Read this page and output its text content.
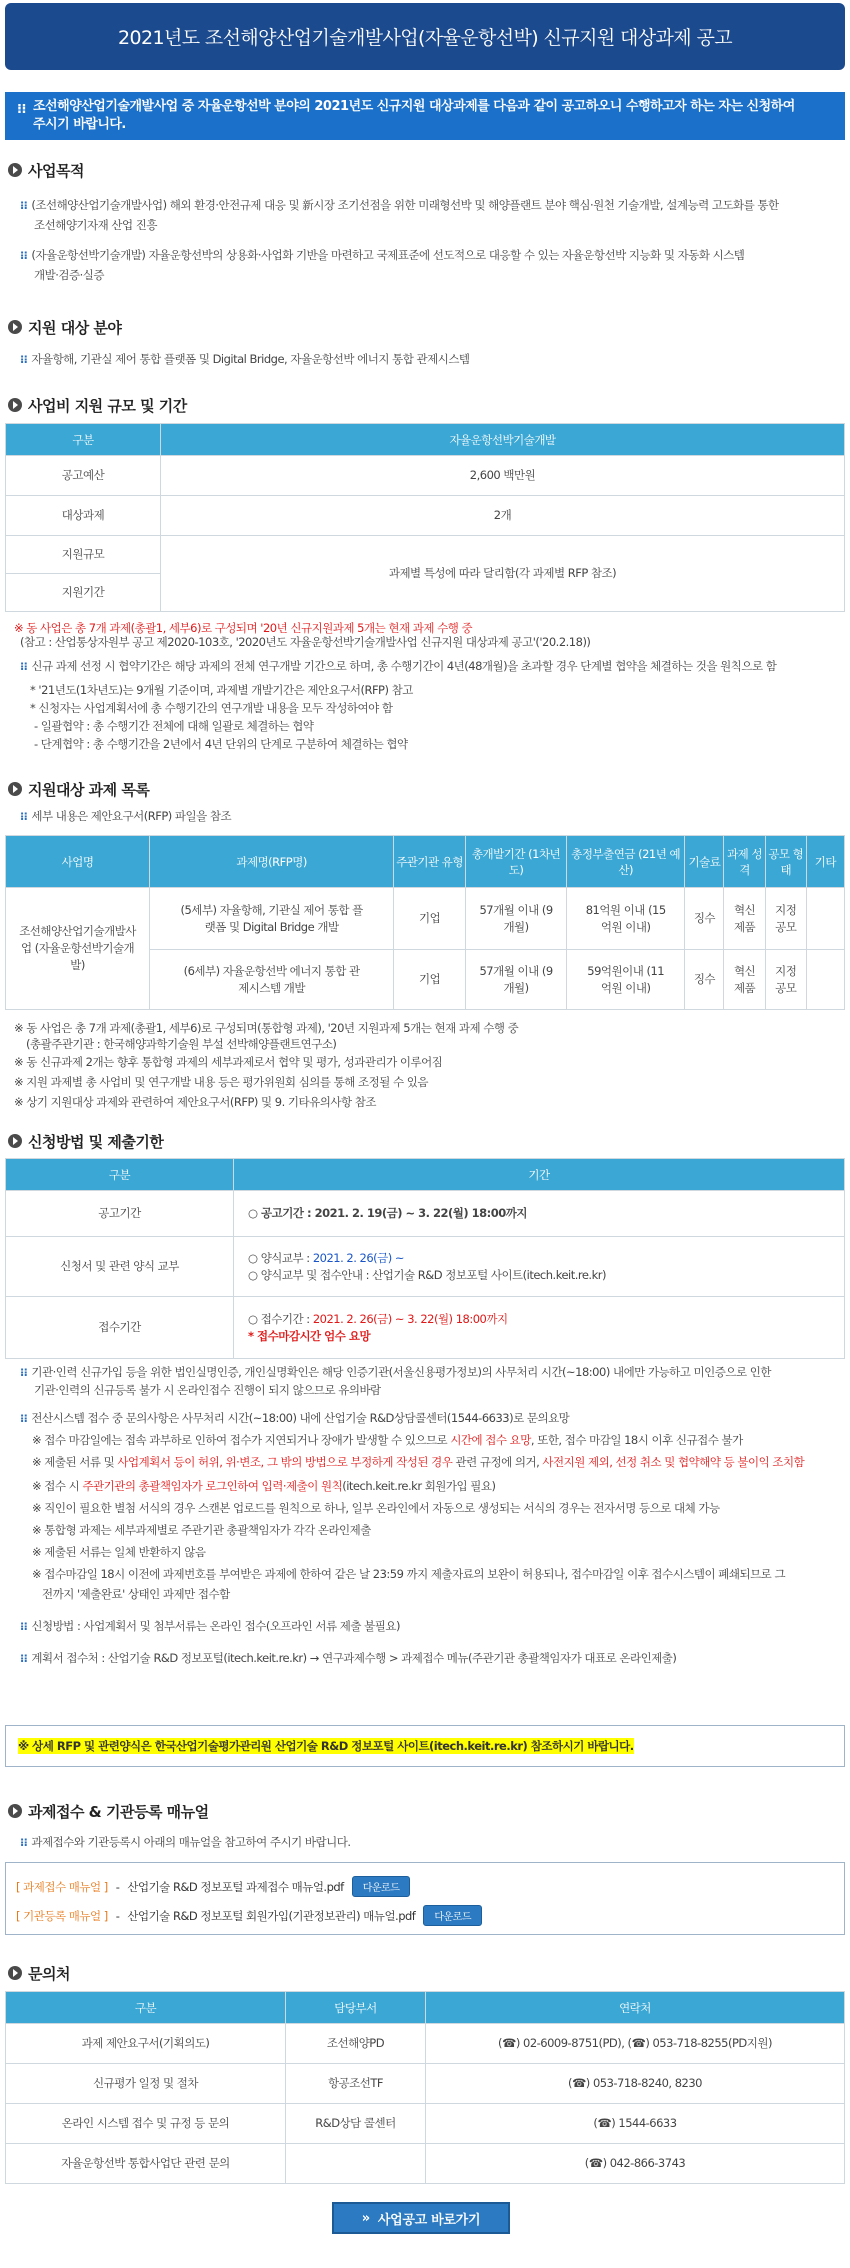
2021년도 조선해양산업기술개발사업(자율운항선박) 신규지원 대상과제 공고
⁝⁝ 조선해양산업기술개발사업 중 자율운항선박 분야의 2021년도 신규지원 대상과제를 다음과 같이 공고하오니 수행하고자 하는 자는 신청하여
주시기 바랍니다.
사업목적
⁝⁝ (조선해양산업기술개발사업) 해외 환경·안전규제 대응 및 新시장 조기선점을 위한 미래형선박 및 해양플랜트 분야 핵심·원천 기술개발, 설계능력 고도화를 통한
조선해양기자재 산업 진흥
⁝⁝ (자율운항선박기술개발) 자율운항선박의 상용화·사업화 기반을 마련하고 국제표준에 선도적으로 대응할 수 있는 자율운항선박 지능화 및 자동화 시스템
개발·검증·실증
지원 대상 분야
⁝⁝ 자율항해, 기관실 제어 통합 플랫폼 및 Digital Bridge, 자율운항선박 에너지 통합 관제시스템
사업비 지원 규모 및 기간
구분	자율운항선박기술개발
공고예산	2,600 백만원
대상과제	2개
지원규모	과제별 특성에 따라 달리함(각 과제별 RFP 참조)
지원기간	
※ 동 사업은 총 7개 과제(총괄1, 세부6)로 구성되며 '20년 신규지원과제 5개는 현재 과제 수행 중
(참고 : 산업통상자원부 공고 제2020-103호, '2020년도 자율운항선박기술개발사업 신규지원 대상과제 공고'('20.2.18))
⁝⁝ 신규 과제 선정 시 협약기간은 해당 과제의 전체 연구개발 기간으로 하며, 총 수행기간이 4년(48개월)을 초과할 경우 단계별 협약을 체결하는 것을 원칙으로 함
* '21년도(1차년도)는 9개월 기준이며, 과제별 개발기간은 제안요구서(RFP) 참고
* 신청자는 사업계획서에 총 수행기간의 연구개발 내용을 모두 작성하여야 함
- 일괄협약 : 총 수행기간 전체에 대해 일괄로 체결하는 협약
- 단계협약 : 총 수행기간을 2년에서 4년 단위의 단계로 구분하여 체결하는 협약
지원대상 과제 목록
⁝⁝ 세부 내용은 제안요구서(RFP) 파일을 참조
사업명	과제명(RFP명)	주관기관 유형	총개발기간 (1차년도)	총정부출연금 (21년 예산)	기술료	과제 성격	공모 형태	기타
조선해양산업기술개발사업 (자율운항선박기술개발)	(5세부) 자율항해, 기관실 제어 통합 플랫폼 및 Digital Bridge 개발	기업	57개월 이내 (9개월)	81억원 이내 (15억원 이내)	징수	혁신 제품	지정 공모	
	(6세부) 자율운항선박 에너지 통합 관제시스템 개발	기업	57개월 이내 (9개월)	59억원이내 (11억원 이내)	징수	혁신 제품	지정 공모	
※ 동 사업은 총 7개 과제(총괄1, 세부6)로 구성되며(통합형 과제), '20년 지원과제 5개는 현재 과제 수행 중
(총괄주관기관 : 한국해양과학기술원 부설 선박해양플랜트연구소)
※ 동 신규과제 2개는 향후 통합형 과제의 세부과제로서 협약 및 평가, 성과관리가 이루어짐
※ 지원 과제별 총 사업비 및 연구개발 내용 등은 평가위원회 심의를 통해 조정될 수 있음
※ 상기 지원대상 과제와 관련하여 제안요구서(RFP) 및 9. 기타유의사항 참조
신청방법 및 제출기한
구분	기간
공고기간	○ 공고기간 : 2021. 2. 19(금) ~ 3. 22(월) 18:00까지
신청서 및 관련 양식 교부	○ 양식교부 : 2021. 2. 26(금) ~
○ 양식교부 및 접수안내 : 산업기술 R&D 정보포털 사이트(itech.keit.re.kr)

접수기간	○ 접수기간 : 2021. 2. 26(금) ~ 3. 22(월) 18:00까지
* 접수마감시간 엄수 요망
⁝⁝ 기관·인력 신규가입 등을 위한 법인실명인증, 개인실명확인은 해당 인증기관(서울신용평가정보)의 사무처리 시간(~18:00) 내에만 가능하고 미인증으로 인한
기관·인력의 신규등록 불가 시 온라인접수 진행이 되지 않으므로 유의바람
⁝⁝ 전산시스템 접수 중 문의사항은 사무처리 시간(~18:00) 내에 산업기술 R&D상담콜센터(1544-6633)로 문의요망
※ 접수 마감일에는 접속 과부하로 인하여 접수가 지연되거나 장애가 발생할 수 있으므로 시간에 접수 요망, 또한, 접수 마감일 18시 이후 신규접수 불가
※ 제출된 서류 및 사업계획서 등이 허위, 위·변조, 그 밖의 방법으로 부정하게 작성된 경우 관련 규정에 의거, 사전지원 제외, 선정 취소 및 협약해약 등 불이익 조치함
※ 접수 시 주관기관의 총괄책임자가 로그인하여 입력·제출이 원칙(itech.keit.re.kr 회원가입 필요)
※ 직인이 필요한 별첨 서식의 경우 스캔본 업로드를 원칙으로 하나, 일부 온라인에서 자동으로 생성되는 서식의 경우는 전자서명 등으로 대체 가능
※ 통합형 과제는 세부과제별로 주관기관 총괄책임자가 각각 온라인제출
※ 제출된 서류는 일체 반환하지 않음
※ 접수마감일 18시 이전에 과제번호를 부여받은 과제에 한하여 같은 날 23:59 까지 제출자료의 보완이 허용되나, 접수마감일 이후 접수시스템이 폐쇄되므로 그
전까지 '제출완료' 상태인 과제만 접수함
⁝⁝ 신청방법 : 사업계획서 및 첨부서류는 온라인 접수(오프라인 서류 제출 불필요)
⁝⁝ 계획서 접수처 : 산업기술 R&D 정보포털(itech.keit.re.kr) → 연구과제수행 > 과제접수 메뉴(주관기관 총괄책임자가 대표로 온라인제출)
※ 상세 RFP 및 관련양식은 한국산업기술평가관리원 산업기술 R&D 정보포털 사이트(itech.keit.re.kr) 참조하시기 바랍니다.
과제접수 & 기관등록 매뉴얼
⁝⁝ 과제접수와 기관등록시 아래의 매뉴얼을 참고하여 주시기 바랍니다.
[ 과제접수 매뉴얼 ] - 산업기술 R&D 정보포털 과제접수 매뉴얼.pdf	다운로드
[ 기관등록 매뉴얼 ] - 산업기술 R&D 정보포털 회원가입(기관정보관리) 매뉴얼.pdf	다운로드
문의처
구분	담당부서	연락처
과제 제안요구서(기획의도)	조선해양PD	(☎) 02-6009-8751(PD), (☎) 053-718-8255(PD지원)
신규평가 일정 및 절차	항공조선TF	(☎) 053-718-8240, 8230
온라인 시스템 접수 및 규정 등 문의	R&D상담 콜센터	(☎) 1544-6633
자율운항선박 통합사업단 관련 문의		(☎) 042-866-3743
» 사업공고 바로가기
